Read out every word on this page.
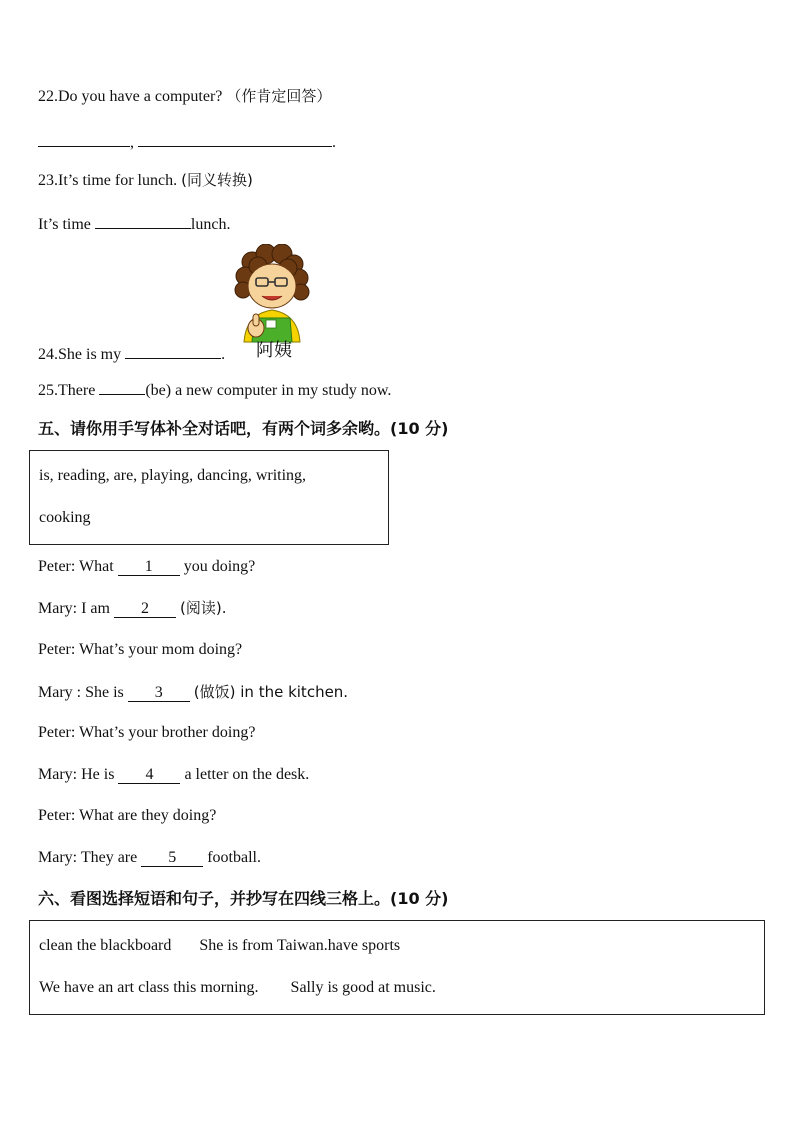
22.Do you have a computer? （作肯定回答）
,	.
23.It’s time for lunch. (同义转换)
It’s time	lunch.
阿姨
24.She is my	.
25.There	(be) a new computer in my study now.
五、请你用手写体补全对话吧，有两个词多余哟。(10 分)
is, reading, are, playing, dancing, writing,
cooking
Peter: What 1 you doing?
Mary: I am 2 (阅读).
Peter: What’s your mom doing?
Mary : She is 3 (做饭) in the kitchen.
Peter: What’s your brother doing?
Mary: He is 4 a letter on the desk.
Peter: What are they doing?
Mary: They are 5 football.
六、看图选择短语和句子，并抄写在四线三格上。(10 分)
clean the blackboard She is from Taiwan.have sports
We have an art class this morning. Sally is good at music.
